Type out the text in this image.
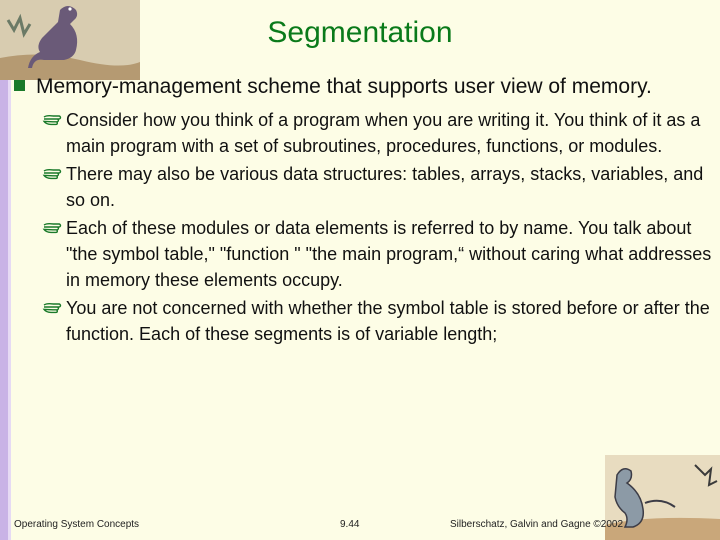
Segmentation
Memory-management scheme that supports user view of memory.
Consider how you think of a program when you are writing it. You think of it as a main program with a set of subroutines, procedures, functions, or modules.
There may also be various data structures: tables, arrays, stacks, variables, and so on.
Each of these modules or data elements is referred to by name. You talk about "the symbol table," "function " "the main program,“ without caring what addresses in memory these elements occupy.
You are not concerned with whether the symbol table is stored before or after the function. Each of these segments is of variable length;
Operating System Concepts	9.44	Silberschatz, Galvin and Gagne ©2002
